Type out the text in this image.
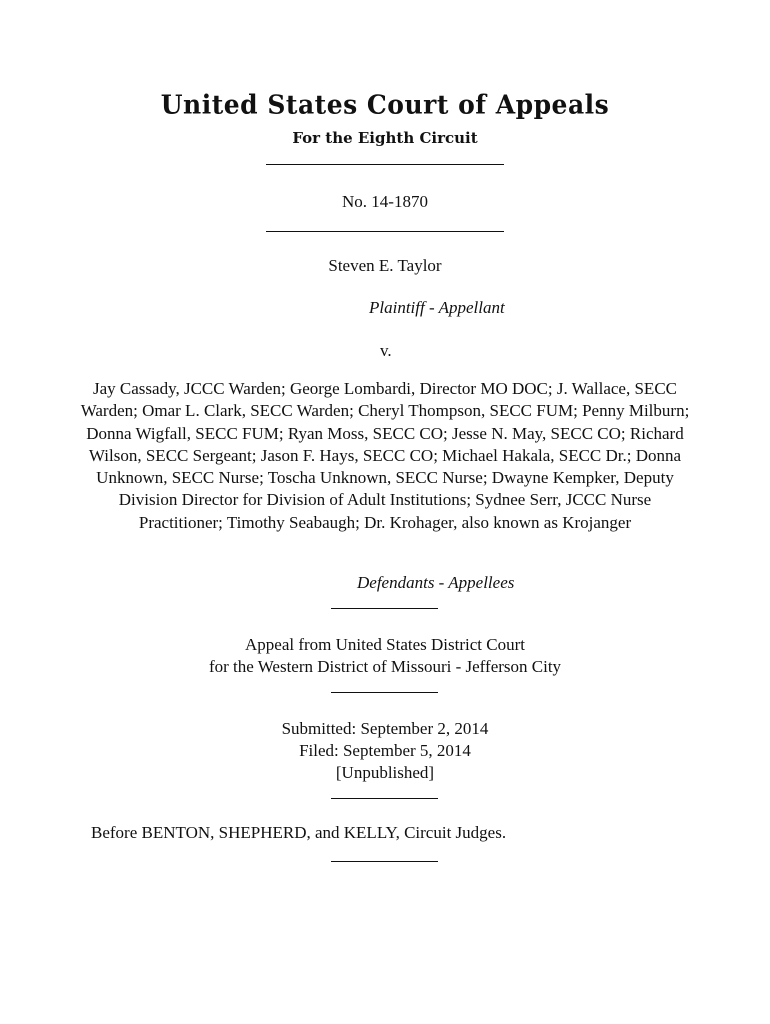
United States Court of Appeals
For the Eighth Circuit
No. 14-1870
Steven E. Taylor
Plaintiff - Appellant
v.

Jay Cassady, JCCC Warden; George Lombardi, Director MO DOC; J. Wallace, SECC Warden; Omar L. Clark, SECC Warden; Cheryl Thompson, SECC FUM; Penny Milburn; Donna Wigfall, SECC FUM; Ryan Moss, SECC CO; Jesse N. May, SECC CO; Richard Wilson, SECC Sergeant; Jason F. Hays, SECC CO; Michael Hakala, SECC Dr.; Donna Unknown, SECC Nurse; Toscha Unknown, SECC Nurse; Dwayne Kempker, Deputy Division Director for Division of Adult Institutions; Sydnee Serr, JCCC Nurse Practitioner; Timothy Seabaugh; Dr. Krohager, also known as Krojanger

Defendants - Appellees
Appeal from United States District Court
for the Western District of Missouri - Jefferson City
Submitted: September 2, 2014
Filed: September 5, 2014
[Unpublished]

Before BENTON, SHEPHERD, and KELLY, Circuit Judges.
